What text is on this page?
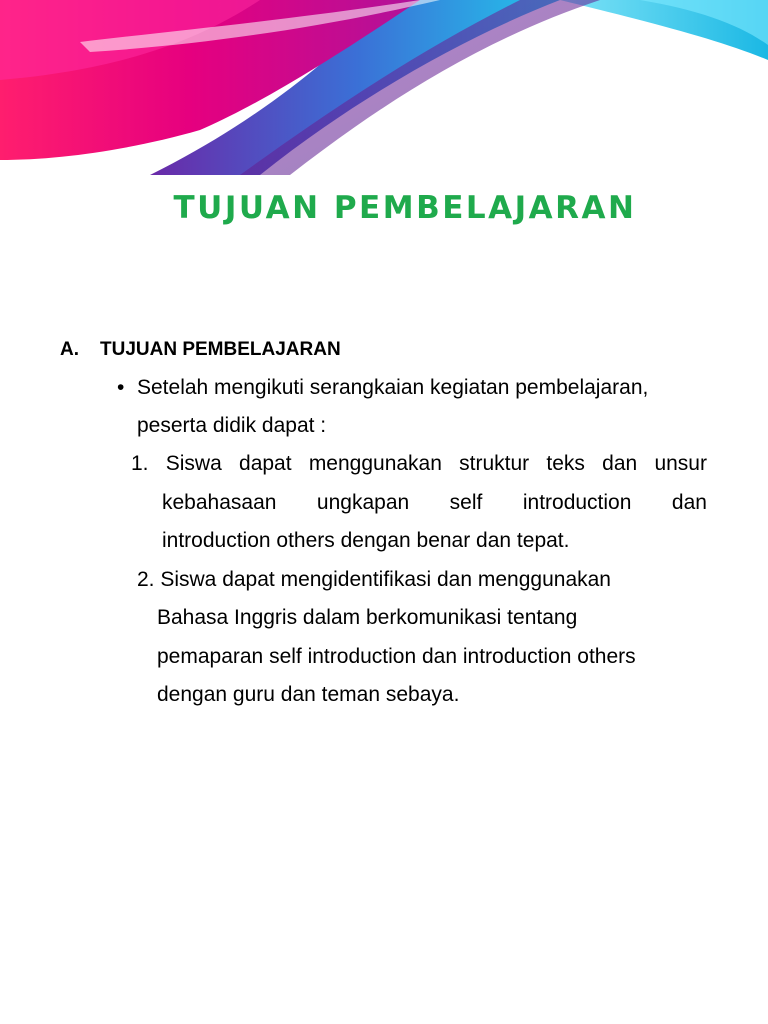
TUJUAN PEMBELAJARAN
A. TUJUAN PEMBELAJARAN
• Setelah mengikuti serangkaian kegiatan pembelajaran,
peserta didik dapat :
1. Siswa dapat menggunakan struktur teks dan unsur
kebahasaan ungkapan self introduction dan
introduction others dengan benar dan tepat.
2. Siswa dapat mengidentifikasi dan menggunakan
Bahasa Inggris dalam berkomunikasi tentang
pemaparan self introduction dan introduction others
dengan guru dan teman sebaya.
